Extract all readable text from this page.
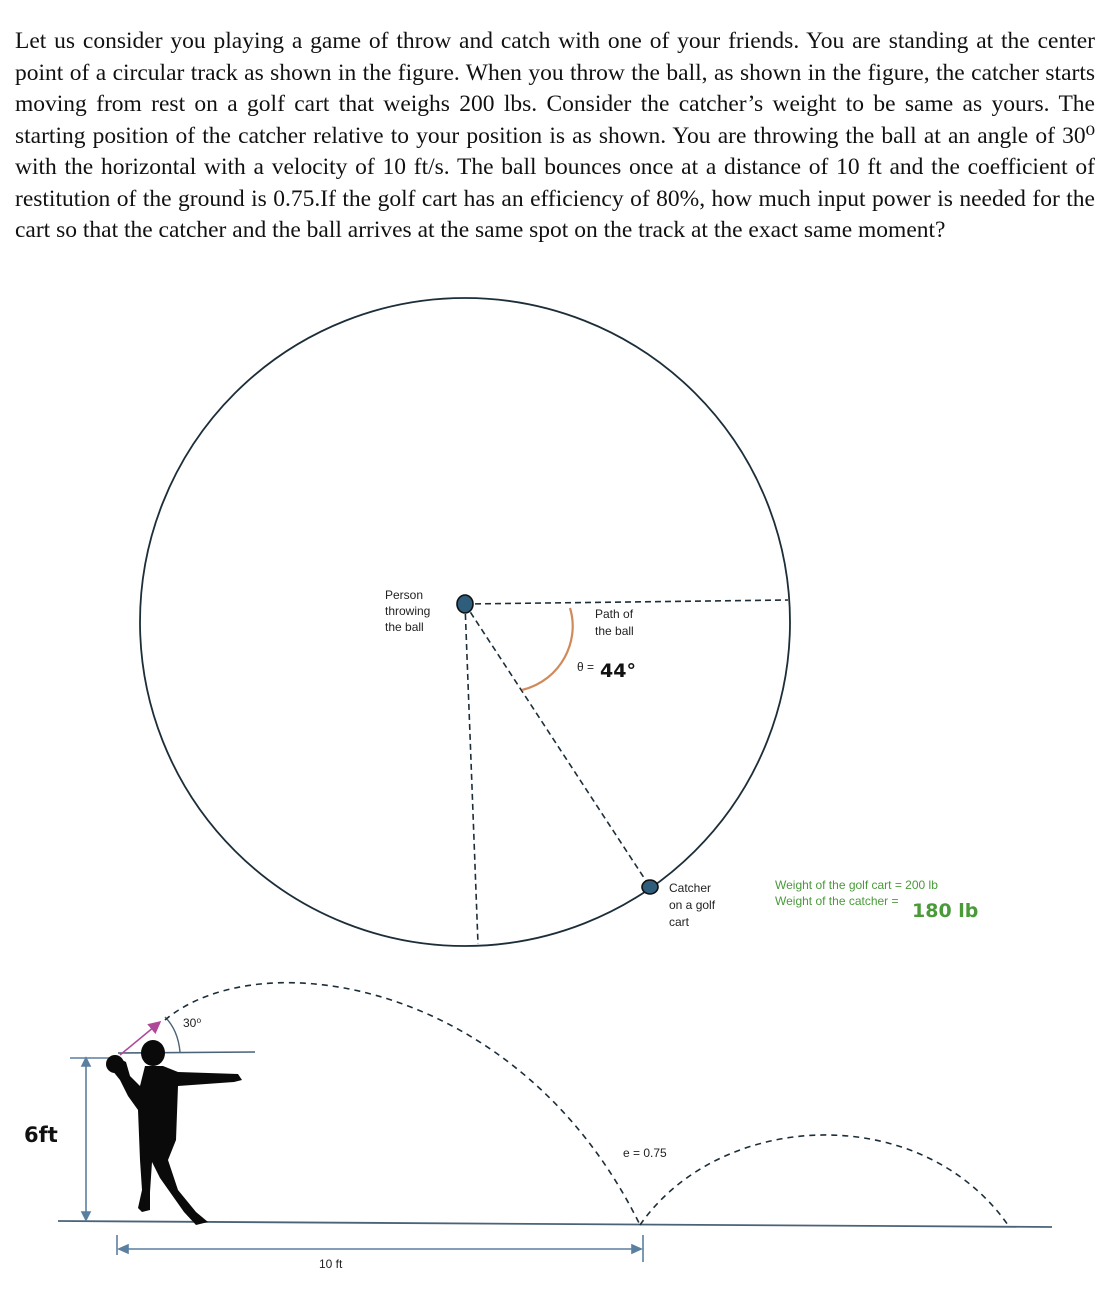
Let us consider you playing a game of throw and catch with one of your friends. You are standing at the center point of a circular track as shown in the figure. When you throw the ball, as shown in the figure, the catcher starts moving from rest on a golf cart that weighs 200 lbs. Consider the catcher’s weight to be same as yours. The starting position of the catcher relative to your position is as shown. You are throwing the ball at an angle of 30⁰ with the horizontal with a velocity of 10 ft/s. The ball bounces once at a distance of 10 ft and the coefficient of restitution of the ground is 0.75.If the golf cart has an efficiency of 80%, how much input power is needed for the cart so that the catcher and the ball arrives at the same spot on the track at the exact same moment?
Person
throwing
the ball
Path of
the ball
θ = 44°
Catcher
on a golf
cart
Weight of the golf cart = 200 lb
Weight of the catcher = 180 lb
6ft
30⁰
e = 0.75
10 ft
